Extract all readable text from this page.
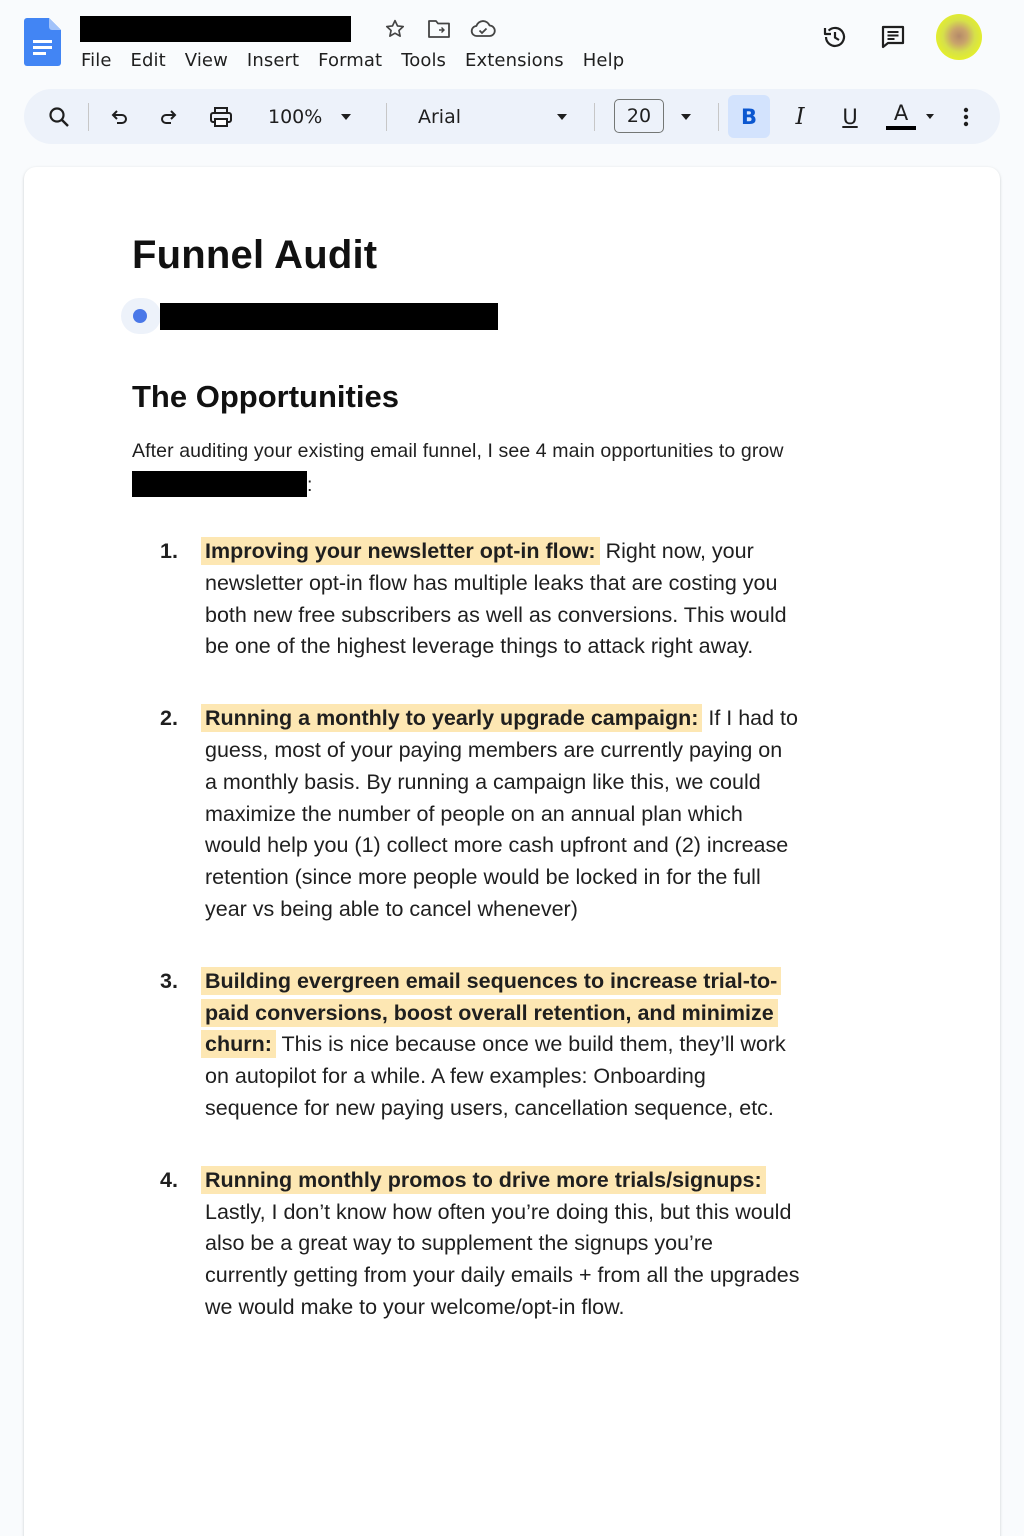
File Edit View Insert Format Tools Extensions Help
100%	Arial	20	B	I	U	A
Funnel Audit
The Opportunities
After auditing your existing email funnel, I see 4 main opportunities to grow
:
1. Improving your newsletter opt-in flow: Right now, your newsletter opt-in flow has multiple leaks that are costing you both new free subscribers as well as conversions. This would be one of the highest leverage things to attack right away.
2. Running a monthly to yearly upgrade campaign: If I had to guess, most of your paying members are currently paying on a monthly basis. By running a campaign like this, we could maximize the number of people on an annual plan which would help you (1) collect more cash upfront and (2) increase retention (since more people would be locked in for the full year vs being able to cancel whenever)
3. Building evergreen email sequences to increase trial-to-paid conversions, boost overall retention, and minimize churn: This is nice because once we build them, they’ll work on autopilot for a while. A few examples: Onboarding sequence for new paying users, cancellation sequence, etc.
4. Running monthly promos to drive more trials/signups: Lastly, I don’t know how often you’re doing this, but this would also be a great way to supplement the signups you’re currently getting from your daily emails + from all the upgrades we would make to your welcome/opt-in flow.
